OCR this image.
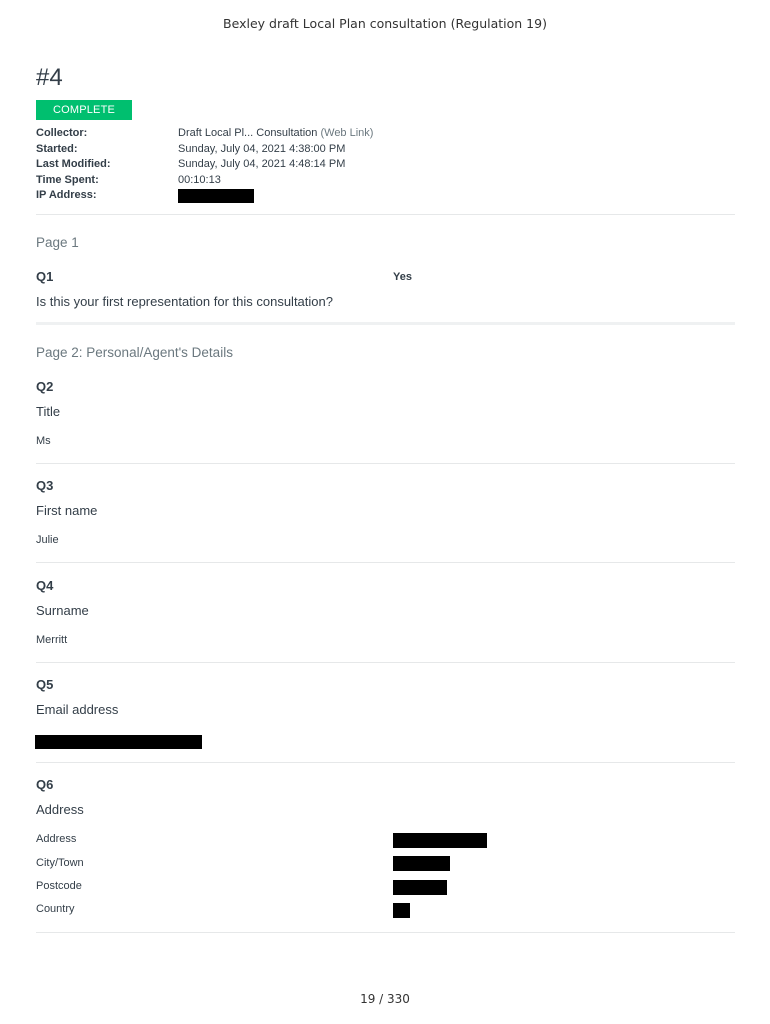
Bexley draft Local Plan consultation (Regulation 19)
#4
COMPLETE
Collector:	Draft Local Pl... Consultation (Web Link)
Started:	Sunday, July 04, 2021 4:38:00 PM
Last Modified:	Sunday, July 04, 2021 4:48:14 PM
Time Spent:	00:10:13
IP Address:
Page 1
Q1	Yes
Is this your first representation for this consultation?
Page 2: Personal/Agent's Details
Q2
Title
Ms
Q3
First name
Julie
Q4
Surname
Merritt
Q5
Email address
Q6
Address
Address
City/Town
Postcode
Country
19 / 330
